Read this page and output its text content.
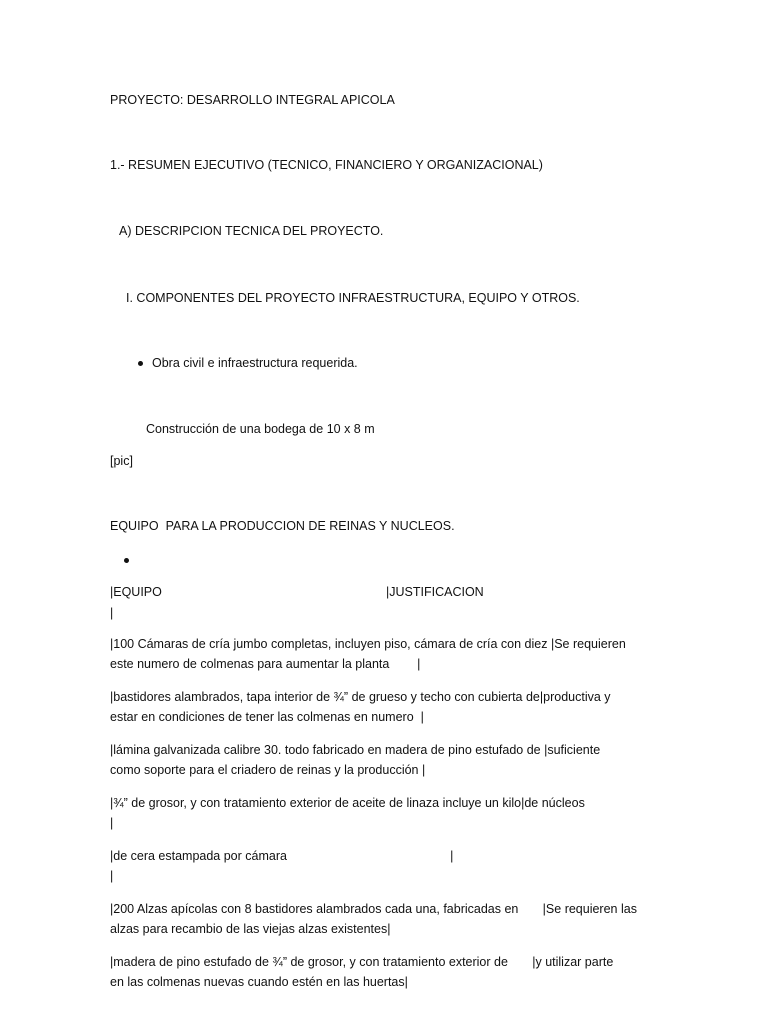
PROYECTO: DESARROLLO INTEGRAL APICOLA

1.- RESUMEN EJECUTIVO (TECNICO, FINANCIERO Y ORGANIZACIONAL)

A) DESCRIPCION TECNICA DEL PROYECTO.

I. COMPONENTES DEL PROYECTO INFRAESTRUCTURA, EQUIPO Y OTROS.

Obra civil e infraestructura requerida.

Construcción de una bodega de 10 x 8 m

[pic]

EQUIPO  PARA LA PRODUCCION DE REINAS Y NUCLEOS.

|EQUIPO	|JUSTIFICACION

|

|100 Cámaras de cría jumbo completas, incluyen piso, cámara de cría con diez |Se requieren

este numero de colmenas para aumentar la planta        |

|bastidores alambrados, tapa interior de ¾” de grueso y techo con cubierta de|productiva y

estar en condiciones de tener las colmenas en numero  |

|lámina galvanizada calibre 30. todo fabricado en madera de pino estufado de |suficiente

como soporte para el criadero de reinas y la producción |

|¾” de grosor, y con tratamiento exterior de aceite de linaza incluye un kilo|de núcleos

|

|de cera estampada por cámara                                               |

|

|200 Alzas apícolas con 8 bastidores alambrados cada una, fabricadas en       |Se requieren las

alzas para recambio de las viejas alzas existentes|

|madera de pino estufado de ¾” de grosor, y con tratamiento exterior de       |y utilizar parte

en las colmenas nuevas cuando estén en las huertas|
